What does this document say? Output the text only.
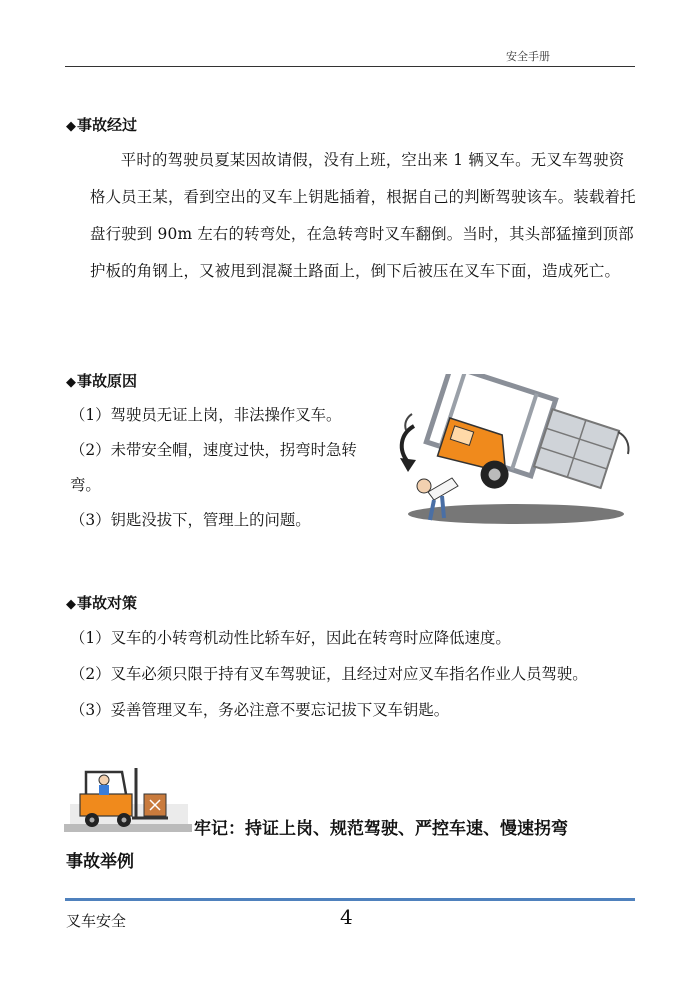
安全手册
◆事故经过

平时的驾驶员夏某因故请假，没有上班，空出来 1 辆叉车。无叉车驾驶资格人员王某，看到空出的叉车上钥匙插着，根据自己的判断驾驶该车。装载着托盘行驶到 90m 左右的转弯处，在急转弯时叉车翻倒。当时，其头部猛撞到顶部护板的角钢上，又被甩到混凝土路面上，倒下后被压在叉车下面，造成死亡。

◆事故原因
（1）驾驶员无证上岗，非法操作叉车。
（2）未带安全帽，速度过快，拐弯时急转弯。
（3）钥匙没拔下，管理上的问题。
◆事故对策
（1）叉车的小转弯机动性比轿车好，因此在转弯时应降低速度。
（2）叉车必须只限于持有叉车驾驶证，且经过对应叉车指名作业人员驾驶。
（3）妥善管理叉车，务必注意不要忘记拔下叉车钥匙。
牢记：持证上岗、规范驾驶、严控车速、慢速拐弯
事故举例
叉车安全	4
